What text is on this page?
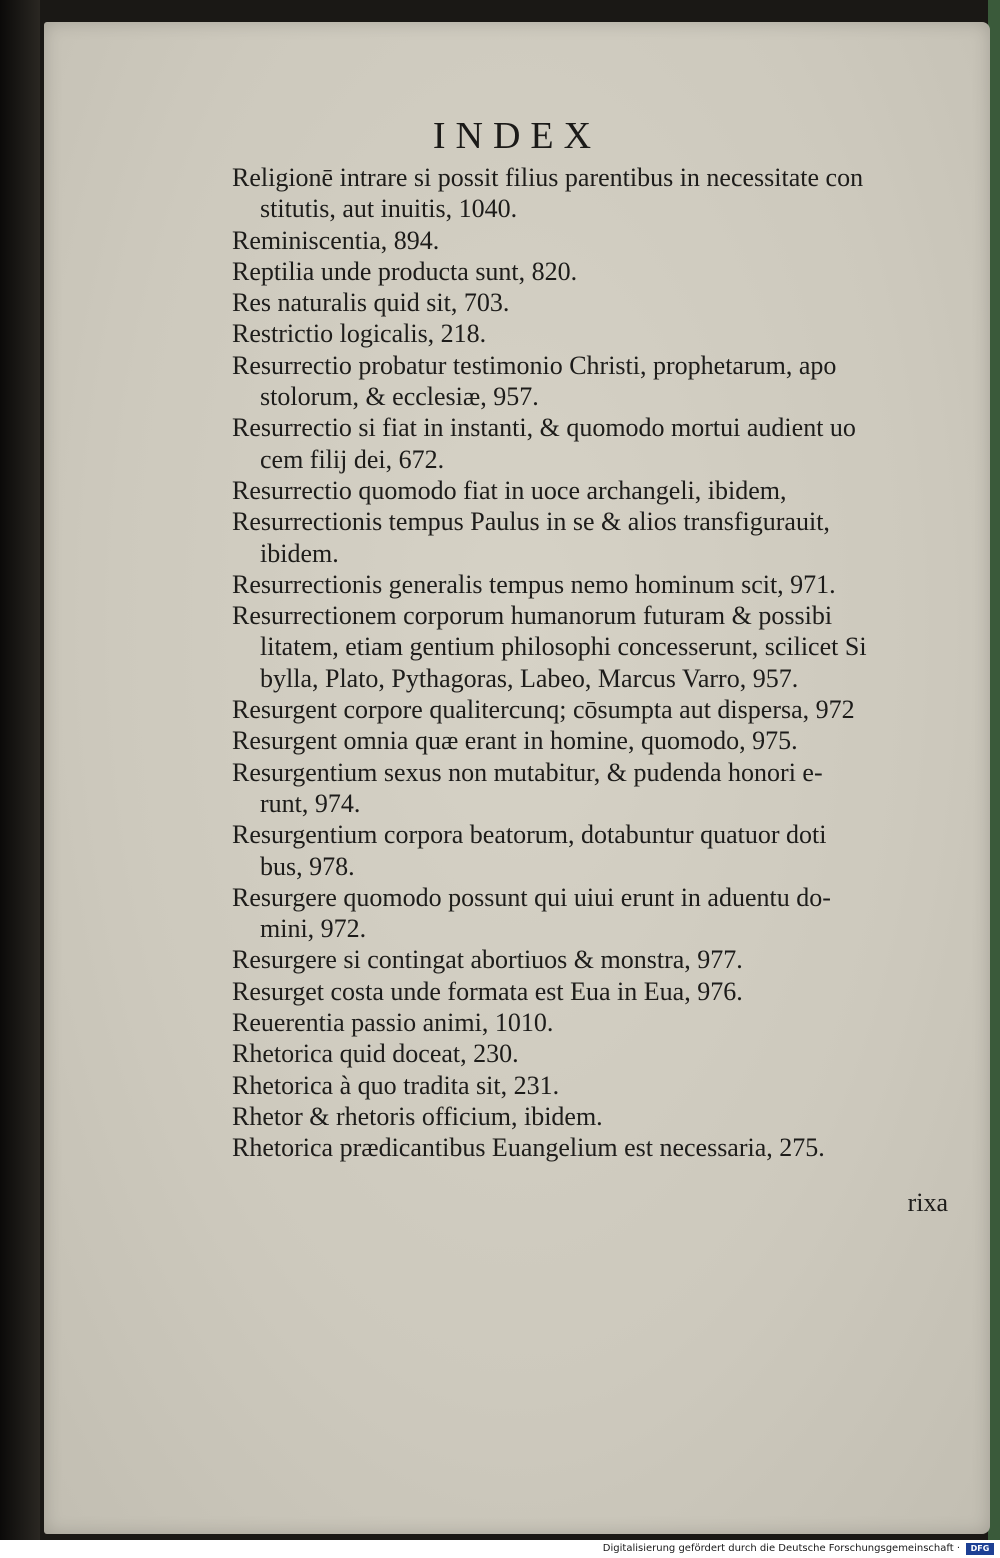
INDEX
Religionē intrare si possit filius parentibus in necessitate con
stitutis, aut inuitis, 1040.
Reminiscentia, 894.
Reptilia unde producta sunt, 820.
Res naturalis quid sit, 703.
Restrictio logicalis, 218.
Resurrectio probatur testimonio Christi, prophetarum, apo
stolorum, & ecclesiæ, 957.
Resurrectio si fiat in instanti, & quomodo mortui audient uo
cem filij dei, 672.
Resurrectio quomodo fiat in uoce archangeli, ibidem,
Resurrectionis tempus Paulus in se & alios transfigurauit,
ibidem.
Resurrectionis generalis tempus nemo hominum scit, 971.
Resurrectionem corporum humanorum futuram & possibi
litatem, etiam gentium philosophi concesserunt, scilicet Si
bylla, Plato, Pythagoras, Labeo, Marcus Varro, 957.
Resurgent corpore qualitercunq; cōsumpta aut dispersa, 972
Resurgent omnia quæ erant in homine, quomodo, 975.
Resurgentium sexus non mutabitur, & pudenda honori e-
runt, 974.
Resurgentium corpora beatorum, dotabuntur quatuor doti
bus, 978.
Resurgere quomodo possunt qui uiui erunt in aduentu do-
mini, 972.
Resurgere si contingat abortiuos & monstra, 977.
Resurget costa unde formata est Eua in Eua, 976.
Reuerentia passio animi, 1010.
Rhetorica quid doceat, 230.
Rhetorica à quo tradita sit, 231.
Rhetor & rhetoris officium, ibidem.
Rhetorica prædicantibus Euangelium est necessaria, 275.
rixa
Digitalisierung gefördert durch die Deutsche Forschungsgemeinschaft ·	DFG
